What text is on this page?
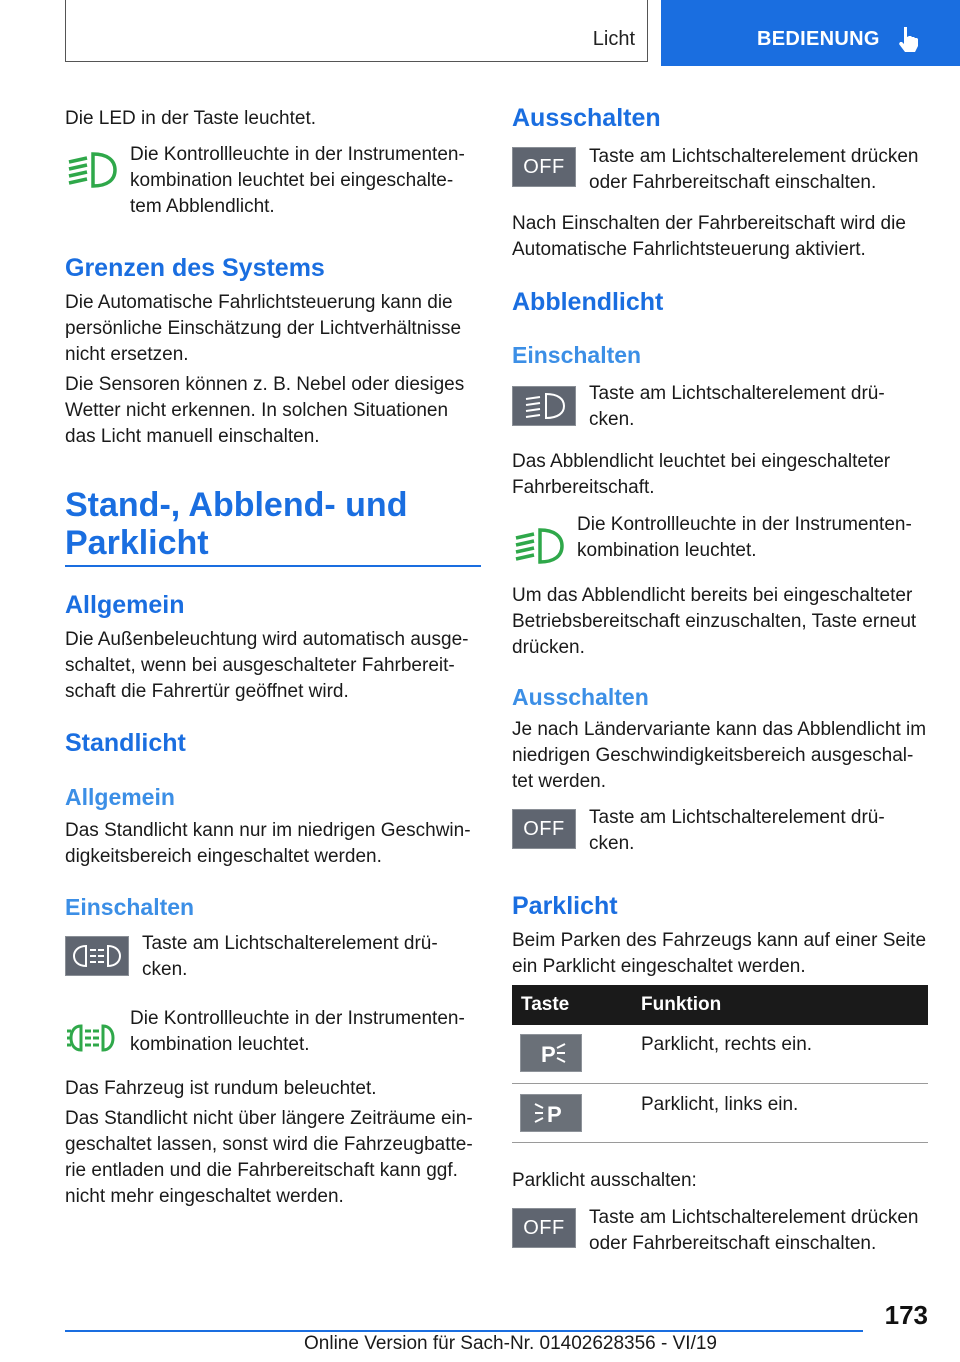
Licht	BEDIENUNG
Die LED in der Taste leuchtet.
Die Kontrollleuchte in der Instrumenten-
kombination leuchtet bei eingeschalte-
tem Abblendlicht.
Grenzen des Systems
Die Automatische Fahrlichtsteuerung kann die
persönliche Einschätzung der Lichtverhältnisse
nicht ersetzen.
Die Sensoren können z. B. Nebel oder diesiges
Wetter nicht erkennen. In solchen Situationen
das Licht manuell einschalten.
Stand-, Abblend- und
Parklicht
Allgemein
Die Außenbeleuchtung wird automatisch ausge-
schaltet, wenn bei ausgeschalteter Fahrbereit-
schaft die Fahrertür geöffnet wird.
Standlicht
Allgemein
Das Standlicht kann nur im niedrigen Geschwin-
digkeitsbereich eingeschaltet werden.
Einschalten
Taste am Lichtschalterelement drü-
cken.
Die Kontrollleuchte in der Instrumenten-
kombination leuchtet.
Das Fahrzeug ist rundum beleuchtet.
Das Standlicht nicht über längere Zeiträume ein-
geschaltet lassen, sonst wird die Fahrzeugbatte-
rie entladen und die Fahrbereitschaft kann ggf.
nicht mehr eingeschaltet werden.
Ausschalten
OFF Taste am Lichtschalterelement drücken
oder Fahrbereitschaft einschalten.
Nach Einschalten der Fahrbereitschaft wird die
Automatische Fahrlichtsteuerung aktiviert.
Abblendlicht
Einschalten
Taste am Lichtschalterelement drü-
cken.
Das Abblendlicht leuchtet bei eingeschalteter
Fahrbereitschaft.
Die Kontrollleuchte in der Instrumenten-
kombination leuchtet.
Um das Abblendlicht bereits bei eingeschalteter
Betriebsbereitschaft einzuschalten, Taste erneut
drücken.
Ausschalten
Je nach Ländervariante kann das Abblendlicht im
niedrigen Geschwindigkeitsbereich ausgeschal-
tet werden.
OFF Taste am Lichtschalterelement drü-
cken.
Parklicht
Beim Parken des Fahrzeugs kann auf einer Seite
ein Parklicht eingeschaltet werden.
Taste	Funktion
P	Parklicht, rechts ein.
P	Parklicht, links ein.
Parklicht ausschalten:
OFF Taste am Lichtschalterelement drücken
oder Fahrbereitschaft einschalten.
173
Online Version für Sach-Nr. 01402628356 - VI/19
